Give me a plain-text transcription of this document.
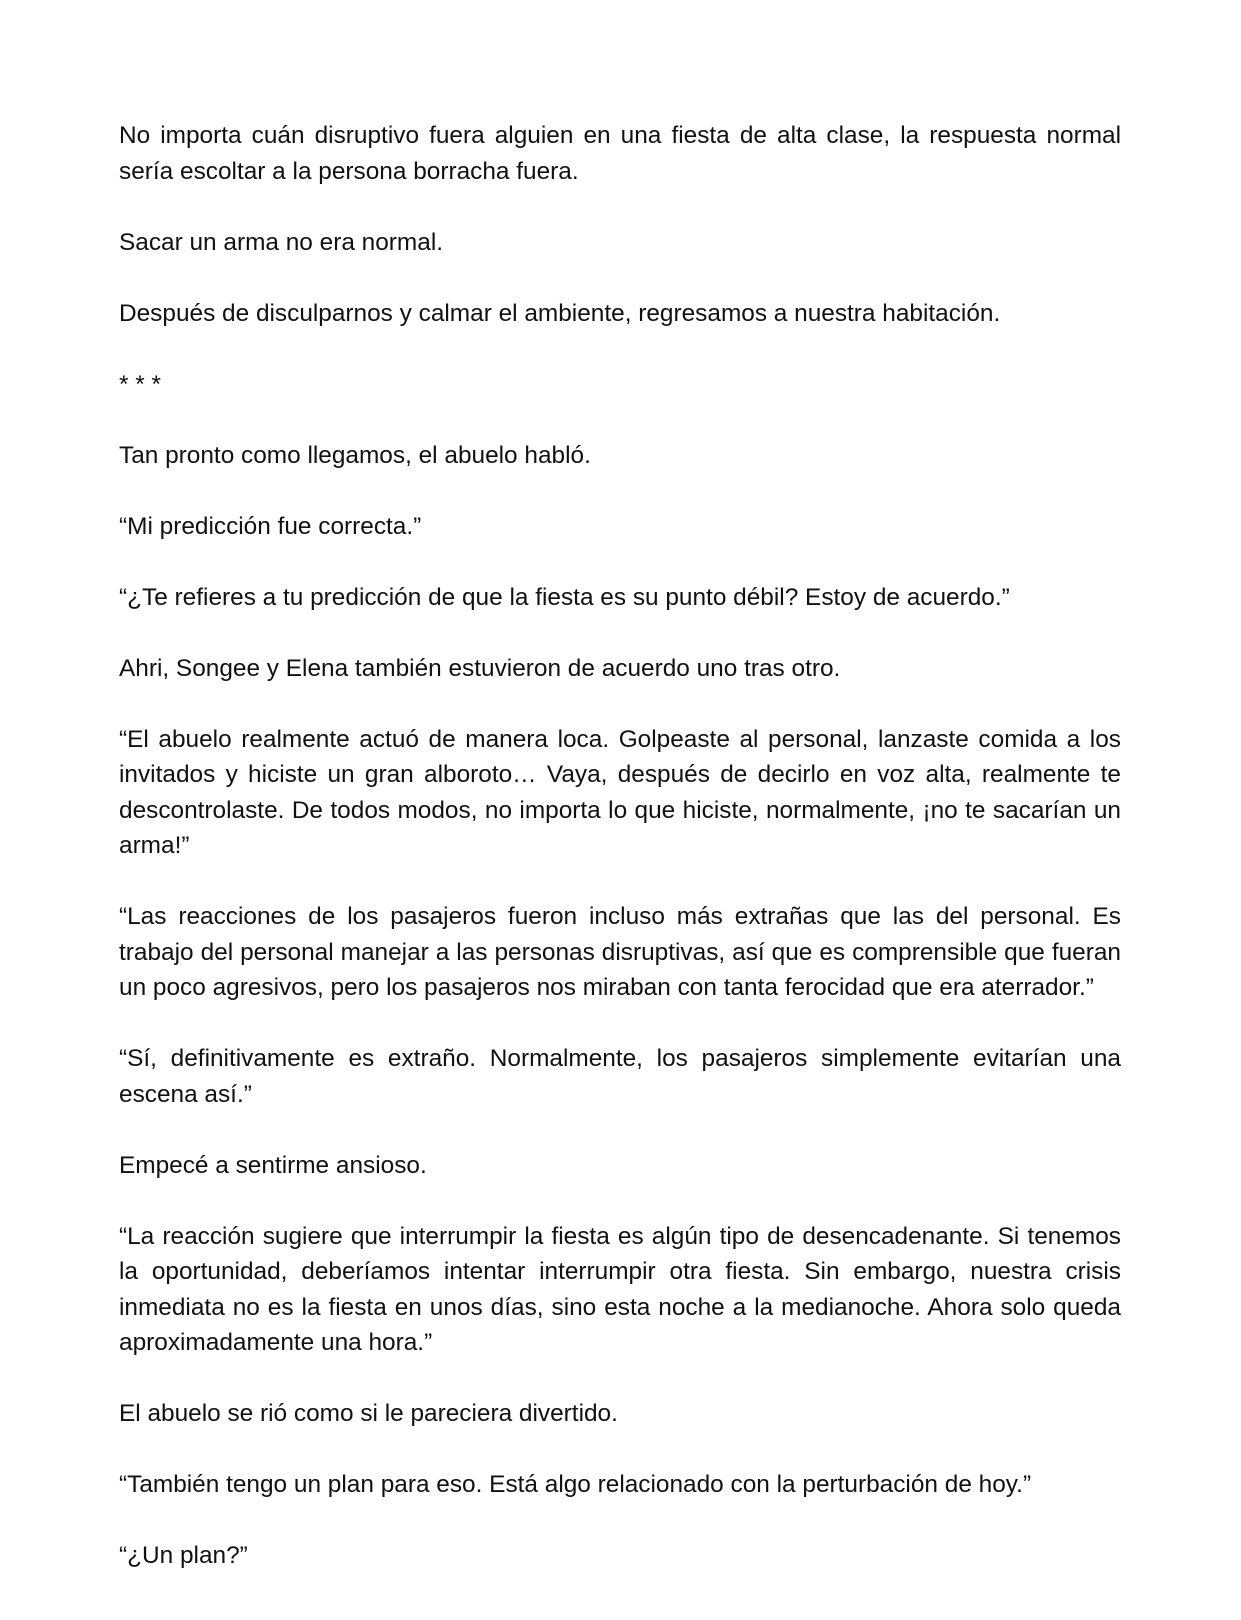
No importa cuán disruptivo fuera alguien en una fiesta de alta clase, la respuesta normal sería escoltar a la persona borracha fuera.

Sacar un arma no era normal.

Después de disculparnos y calmar el ambiente, regresamos a nuestra habitación.

* * *

Tan pronto como llegamos, el abuelo habló.

“Mi predicción fue correcta.”

“¿Te refieres a tu predicción de que la fiesta es su punto débil? Estoy de acuerdo.”

Ahri, Songee y Elena también estuvieron de acuerdo uno tras otro.

“El abuelo realmente actuó de manera loca. Golpeaste al personal, lanzaste comida a los invitados y hiciste un gran alboroto… Vaya, después de decirlo en voz alta, realmente te descontrolaste. De todos modos, no importa lo que hiciste, normalmente, ¡no te sacarían un arma!”

“Las reacciones de los pasajeros fueron incluso más extrañas que las del personal. Es trabajo del personal manejar a las personas disruptivas, así que es comprensible que fueran un poco agresivos, pero los pasajeros nos miraban con tanta ferocidad que era aterrador.”

“Sí, definitivamente es extraño. Normalmente, los pasajeros simplemente evitarían una escena así.”

Empecé a sentirme ansioso.

“La reacción sugiere que interrumpir la fiesta es algún tipo de desencadenante. Si tenemos la oportunidad, deberíamos intentar interrumpir otra fiesta. Sin embargo, nuestra crisis inmediata no es la fiesta en unos días, sino esta noche a la medianoche. Ahora solo queda aproximadamente una hora.”

El abuelo se rió como si le pareciera divertido.

“También tengo un plan para eso. Está algo relacionado con la perturbación de hoy.”

“¿Un plan?”
